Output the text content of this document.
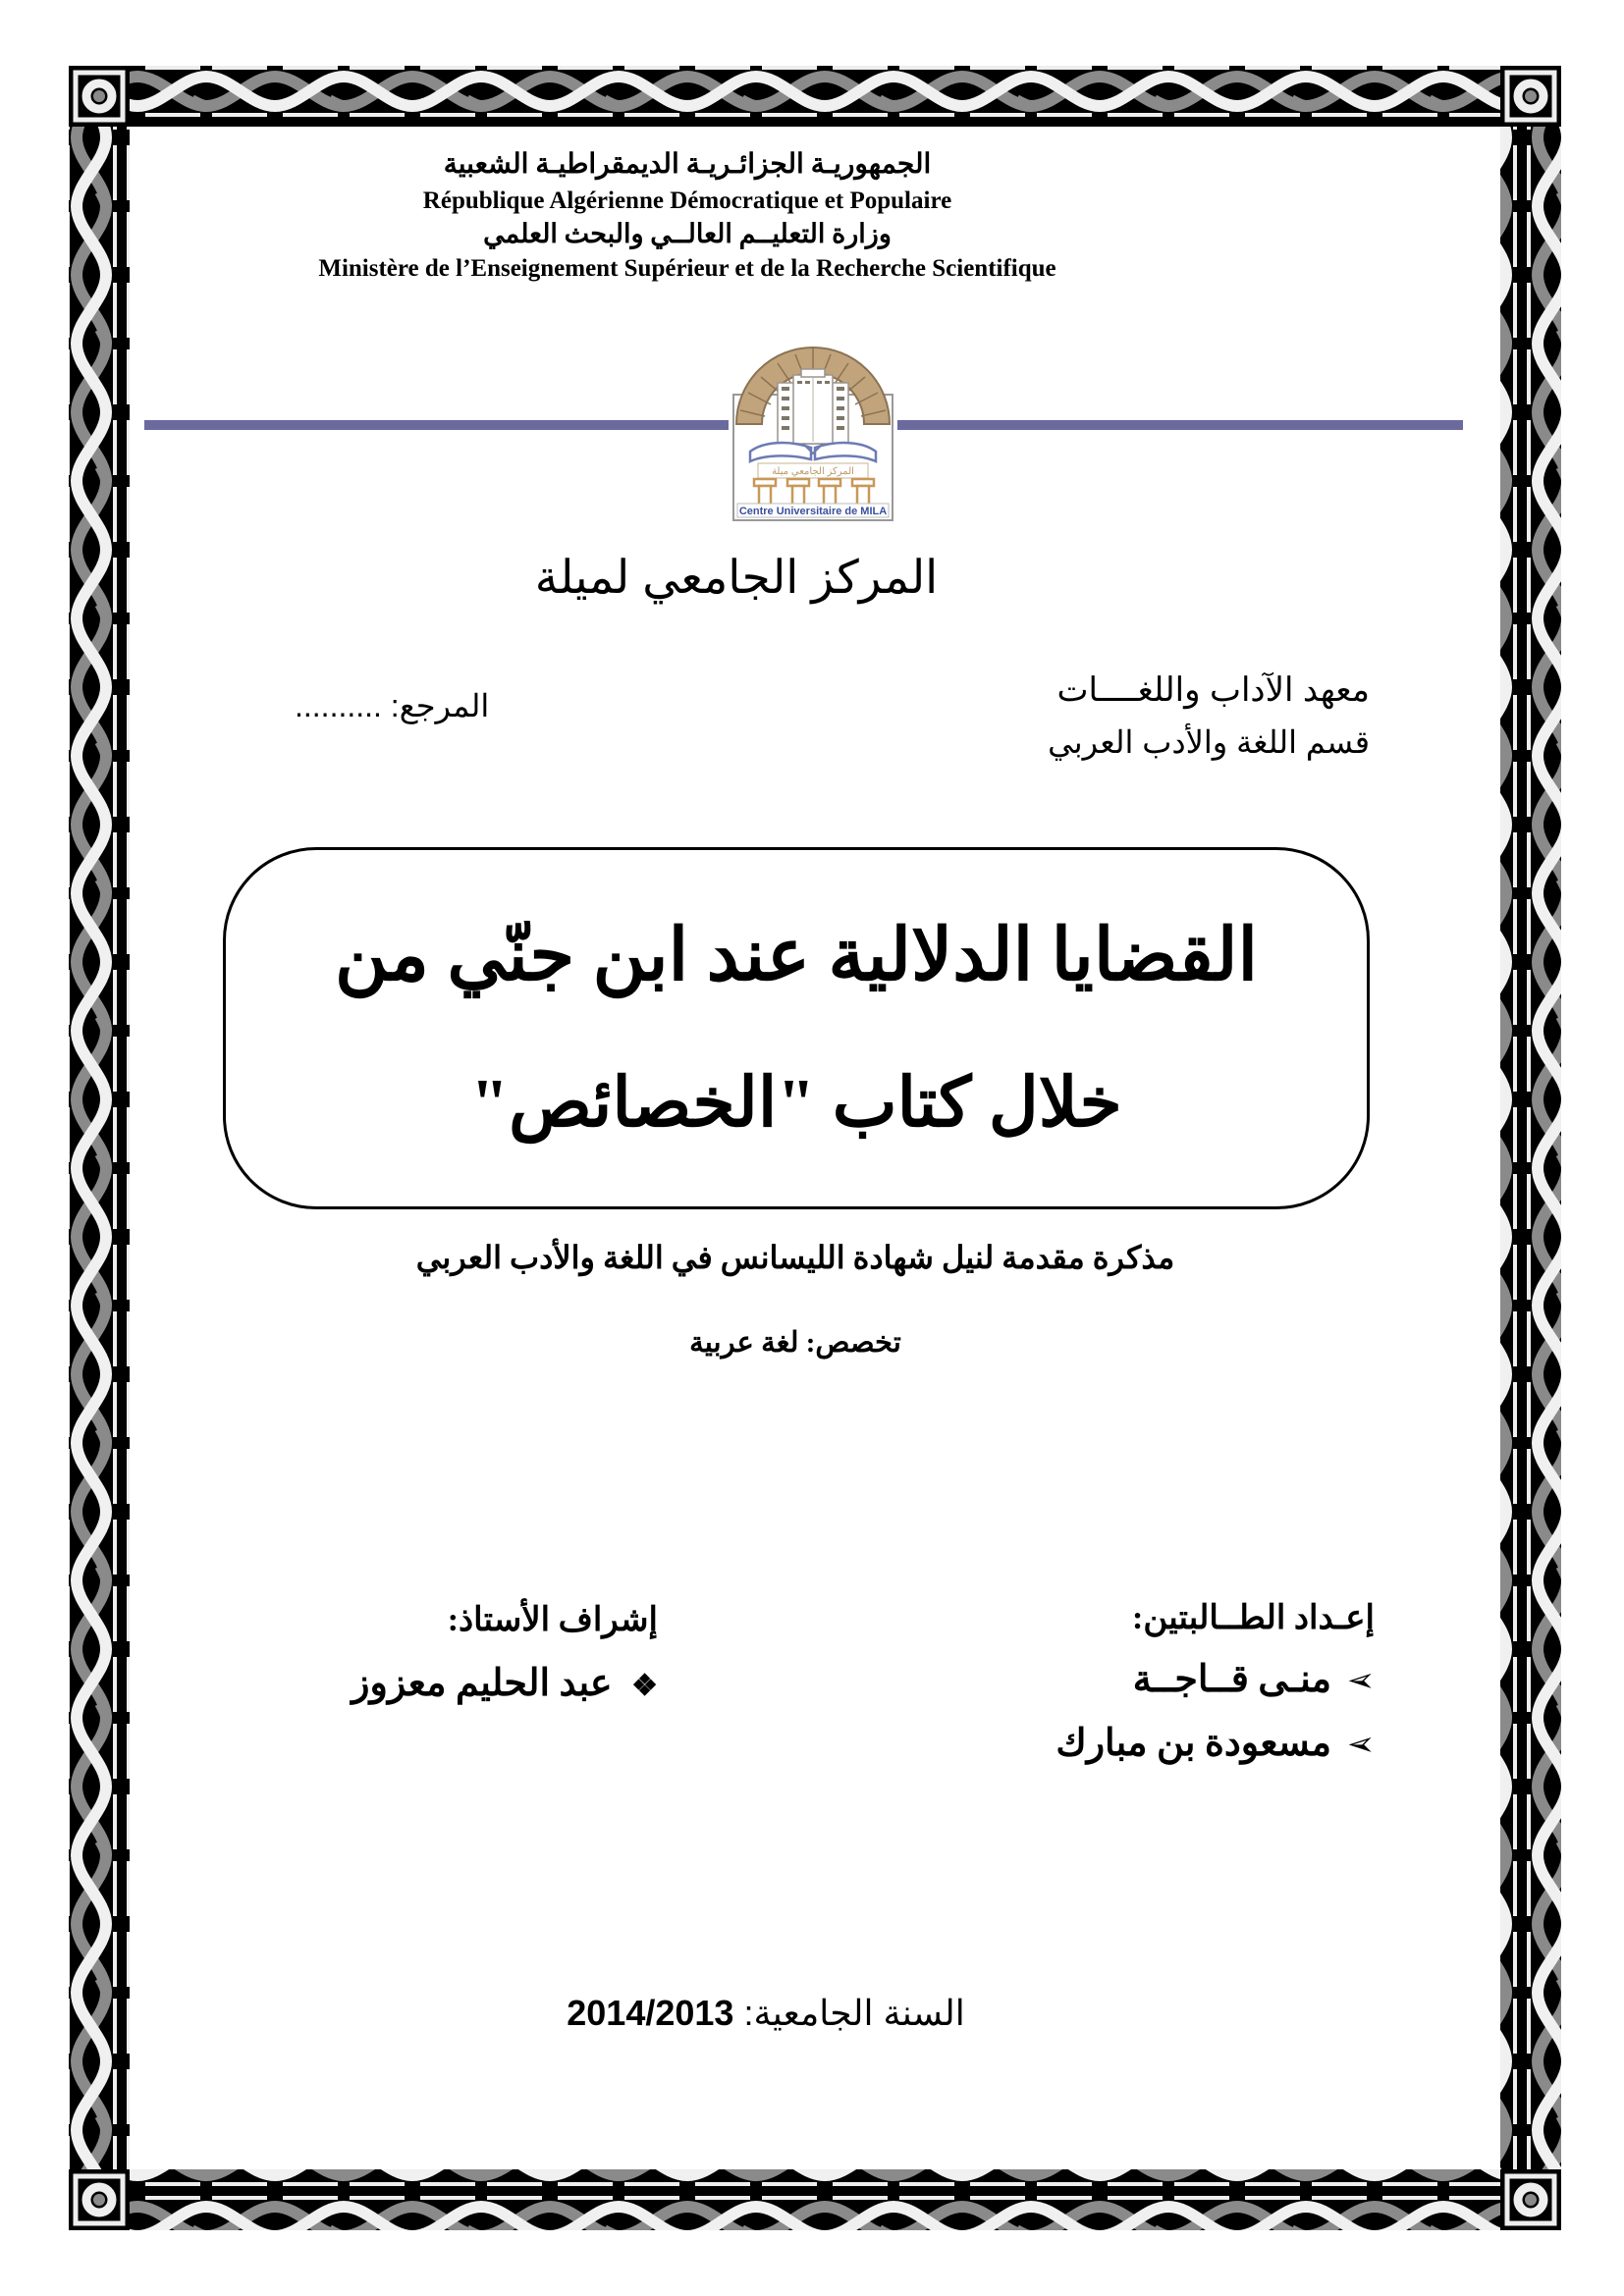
الجمهوريـة الجزائـريـة الديمقراطيـة الشعبية
République Algérienne Démocratique et Populaire
وزارة التعليــم العالــي والبحث العلمي
Ministère de l’Enseignement Supérieur et de la Recherche Scientifique
المركز الجامعي ميلة
Centre Universitaire de MILA
المركز الجامعي لميلة
معهد الآداب واللغــــات
قسم اللغة والأدب العربي
المرجع: ..........
القضايا الدلالية عند ابن جنّي من
خلال كتاب "الخصائص"
مذكرة مقدمة لنيل شهادة الليسانس في اللغة والأدب العربي
تخصص: لغة عربية
إعـداد الطــالبتين:
➢ منـى قــاجــة
➢ مسعودة بن مبارك
إشراف الأستاذ:
❖ عبد الحليم معزوز
السنة الجامعية: 2014/2013
